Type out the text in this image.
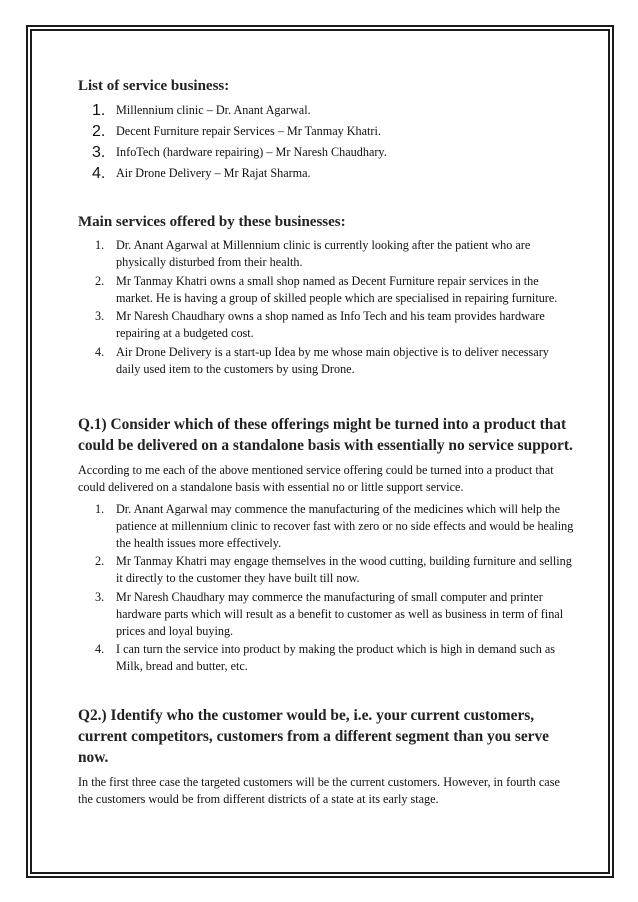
List of service business:
1. Millennium clinic – Dr. Anant Agarwal.
2. Decent Furniture repair Services – Mr Tanmay Khatri.
3. InfoTech (hardware repairing) – Mr Naresh Chaudhary.
4. Air Drone Delivery – Mr Rajat Sharma.
Main services offered by these businesses:
1. Dr. Anant Agarwal at Millennium clinic is currently looking after the patient who are physically disturbed from their health.
2. Mr Tanmay Khatri owns a small shop named as Decent Furniture repair services in the market. He is having a group of skilled people which are specialised in repairing furniture.
3. Mr Naresh Chaudhary owns a shop named as Info Tech and his team provides hardware repairing at a budgeted cost.
4. Air Drone Delivery is a start-up Idea by me whose main objective is to deliver necessary daily used item to the customers by using Drone.
Q.1) Consider which of these offerings might be turned into a product that could be delivered on a standalone basis with essentially no service support.

According to me each of the above mentioned service offering could be turned into a product that could delivered on a standalone basis with essential no or little support service.

1. Dr. Anant Agarwal may commence the manufacturing of the medicines which will help the patience at millennium clinic to recover fast with zero or no side effects and would be healing the health issues more effectively.
2. Mr Tanmay Khatri may engage themselves in the wood cutting, building furniture and selling it directly to the customer they have built till now.
3. Mr Naresh Chaudhary may commerce the manufacturing of small computer and printer hardware parts which will result as a benefit to customer as well as business in term of final prices and loyal buying.
4. I can turn the service into product by making the product which is high in demand such as Milk, bread and butter, etc.
Q2.) Identify who the customer would be, i.e. your current customers, current competitors, customers from a different segment than you serve now.

In the first three case the targeted customers will be the current customers. However, in fourth case the customers would be from different districts of a state at its early stage.
